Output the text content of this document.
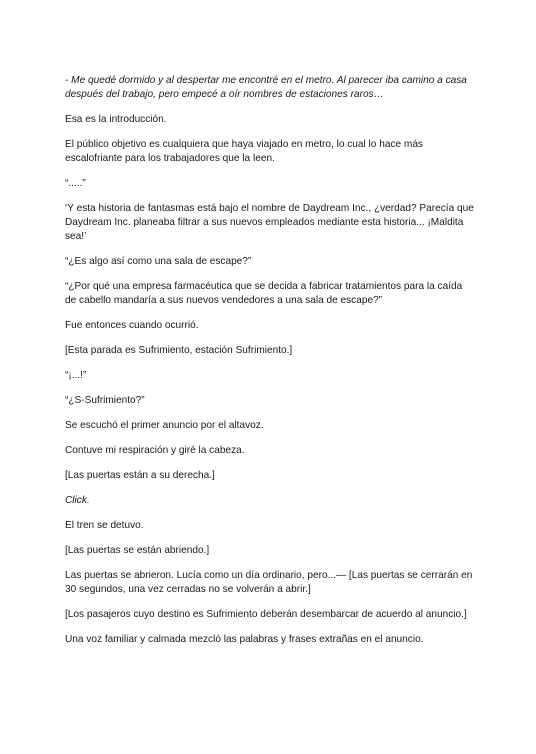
- Me quedé dormido y al despertar me encontré en el metro. Al parecer iba camino a casa después del trabajo, pero empecé a oír nombres de estaciones raros…

Esa es la introducción.

El público objetivo es cualquiera que haya viajado en metro, lo cual lo hace más escalofriante para los trabajadores que la leen.

“.....”

‘Y esta historia de fantasmas está bajo el nombre de Daydream Inc., ¿verdad? Parecía que Daydream Inc. planeaba filtrar a sus nuevos empleados mediante esta historia... ¡Maldita sea!’

“¿Es algo así como una sala de escape?”

“¿Por qué una empresa farmacéutica que se decida a fabricar tratamientos para la caída de cabello mandaría a sus nuevos vendedores a una sala de escape?”

Fue entonces cuando ocurrió.

[Esta parada es Sufrimiento, estación Sufrimiento.]

“¡...!”

“¿S-Sufrimiento?”

Se escuchó el primer anuncio por el altavoz.

Contuve mi respiración y giré la cabeza.

[Las puertas están a su derecha.]

Click.

El tren se detuvo.

[Las puertas se están abriendo.]

Las puertas se abrieron. Lucía como un día ordinario, pero...— [Las puertas se cerrarán en 30 segundos, una vez cerradas no se volverán a abrir.]

[Los pasajeros cuyo destino es Sufrimiento deberán desembarcar de acuerdo al anuncio.]

Una voz familiar y calmada mezcló las palabras y frases extrañas en el anuncio.
